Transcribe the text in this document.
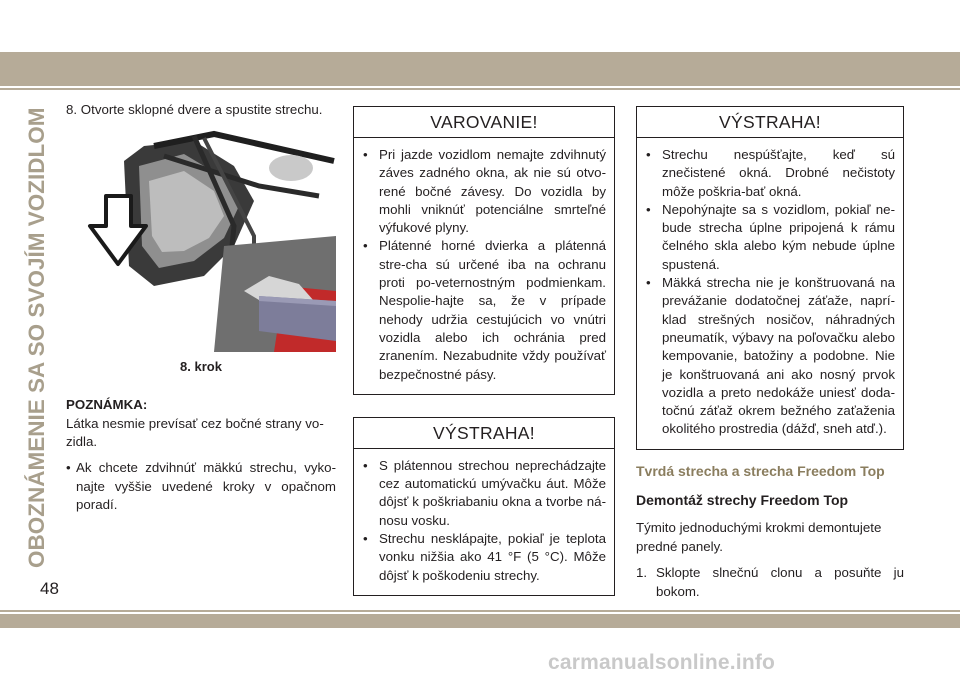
OBOZNÁMENIE SA SO SVOJÍM VOZIDLOM 8. Otvorte sklopné dvere a spustite strechu.

8. krok

POZNÁMKA:

Látka nesmie prevísať cez bočné strany vo-zidla.

• Ak chcete zdvihnúť mäkkú strechu, vyko-najte vyššie uvedené kroky v opačnom poradí.
VAROVANIE!
• Pri jazde vozidlom nemajte zdvihnutý záves zadného okna, ak nie sú otvo-rené bočné závesy. Do vozidla by mohli vniknúť potenciálne smrteľné výfukové plyny.
• Plátenné horné dvierka a plátenná stre-cha sú určené iba na ochranu proti po-veternostným podmienkam. Nespolie-hajte sa, že v prípade nehody udržia cestujúcich vo vnútri vozidla alebo ich ochránia pred zranením. Nezabudnite vždy používať bezpečnostné pásy.
VÝSTRAHA!
• S plátennou strechou neprechádzajte cez automatickú umývačku áut. Môže dôjsť k poškriabaniu okna a tvorbe ná-nosu vosku.
• Strechu nesklápajte, pokiaľ je teplota vonku nižšia ako 41 °F (5 °C). Môže dôjsť k poškodeniu strechy.
VÝSTRAHA!
• Strechu nespúšťajte, keď sú znečistené okná. Drobné nečistoty môže poškria-bať okná.
• Nepohýnajte sa s vozidlom, pokiaľ ne-bude strecha úplne pripojená k rámu čelného skla alebo kým nebude úplne spustená.
• Mäkká strecha nie je konštruovaná na prevážanie dodatočnej záťaže, naprí-klad strešných nosičov, náhradných pneumatík, výbavy na poľovačku alebo kempovanie, batožiny a podobne. Nie je konštruovaná ani ako nosný prvok vozidla a preto nedokáže uniesť doda-točnú záťaž okrem bežného zaťaženia okolitého prostredia (dážď, sneh atď.).

Tvrdá strecha a strecha Freedom Top

Demontáž strechy Freedom Top

Týmito jednoduchými krokmi demontujete predné panely.

1. Sklopte slnečnú clonu a posuňte ju bokom.
48
carmanualsonline.info
